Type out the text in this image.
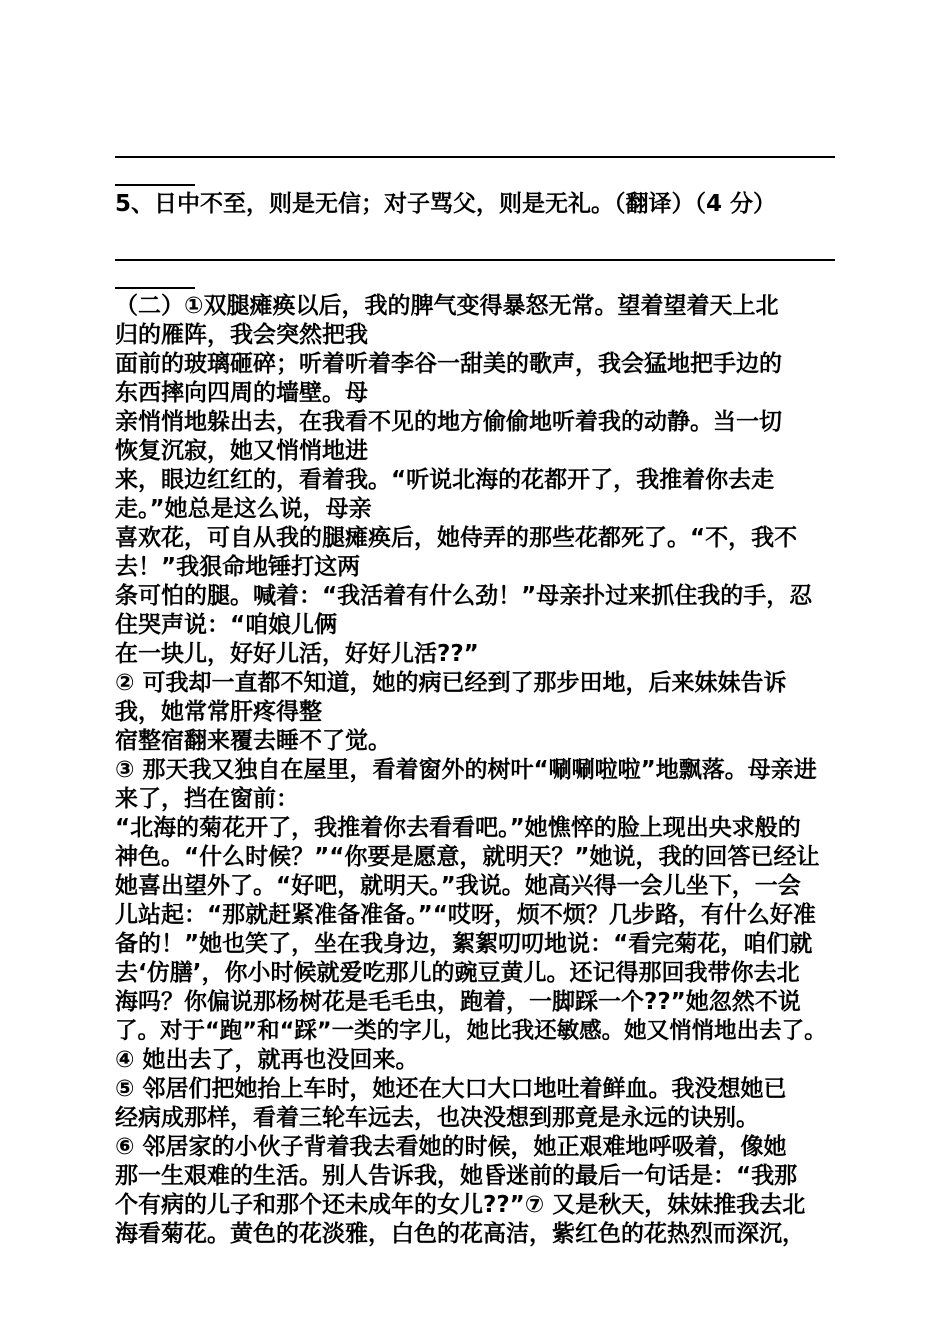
5、日中不至，则是无信；对子骂父，则是无礼。（翻译）（4 分）
（二）①双腿瘫痪以后，我的脾气变得暴怒无常。望着望着天上北
归的雁阵，我会突然把我
面前的玻璃砸碎；听着听着李谷一甜美的歌声，我会猛地把手边的
东西摔向四周的墙壁。母
亲悄悄地躲出去，在我看不见的地方偷偷地听着我的动静。当一切
恢复沉寂，她又悄悄地进
来，眼边红红的，看着我。“听说北海的花都开了，我推着你去走
走。”她总是这么说，母亲
喜欢花，可自从我的腿瘫痪后，她侍弄的那些花都死了。“不，我不
去！”我狠命地锤打这两
条可怕的腿。喊着：“我活着有什么劲！”母亲扑过来抓住我的手，忍
住哭声说：“咱娘儿俩
在一块儿，好好儿活，好好儿活??”
② 可我却一直都不知道，她的病已经到了那步田地，后来妹妹告诉
我，她常常肝疼得整
宿整宿翻来覆去睡不了觉。
③ 那天我又独自在屋里，看着窗外的树叶“唰唰啦啦”地飘落。母亲进
来了，挡在窗前：
“北海的菊花开了，我推着你去看看吧。”她憔悴的脸上现出央求般的
神色。“什么时候？”“你要是愿意，就明天？”她说，我的回答已经让
她喜出望外了。“好吧，就明天。”我说。她高兴得一会儿坐下，一会
儿站起：“那就赶紧准备准备。”“哎呀，烦不烦？几步路，有什么好准
备的！”她也笑了，坐在我身边，絮絮叨叨地说：“看完菊花，咱们就
去‘仿膳’，你小时候就爱吃那儿的豌豆黄儿。还记得那回我带你去北
海吗？你偏说那杨树花是毛毛虫，跑着，一脚踩一个??”她忽然不说
了。对于“跑”和“踩”一类的字儿，她比我还敏感。她又悄悄地出去了。
④ 她出去了，就再也没回来。
⑤ 邻居们把她抬上车时，她还在大口大口地吐着鲜血。我没想她已
经病成那样，看着三轮车远去，也决没想到那竟是永远的诀别。
⑥ 邻居家的小伙子背着我去看她的时候，她正艰难地呼吸着，像她
那一生艰难的生活。别人告诉我，她昏迷前的最后一句话是：“我那
个有病的儿子和那个还未成年的女儿??”⑦ 又是秋天，妹妹推我去北
海看菊花。黄色的花淡雅，白色的花高洁，紫红色的花热烈而深沉，
